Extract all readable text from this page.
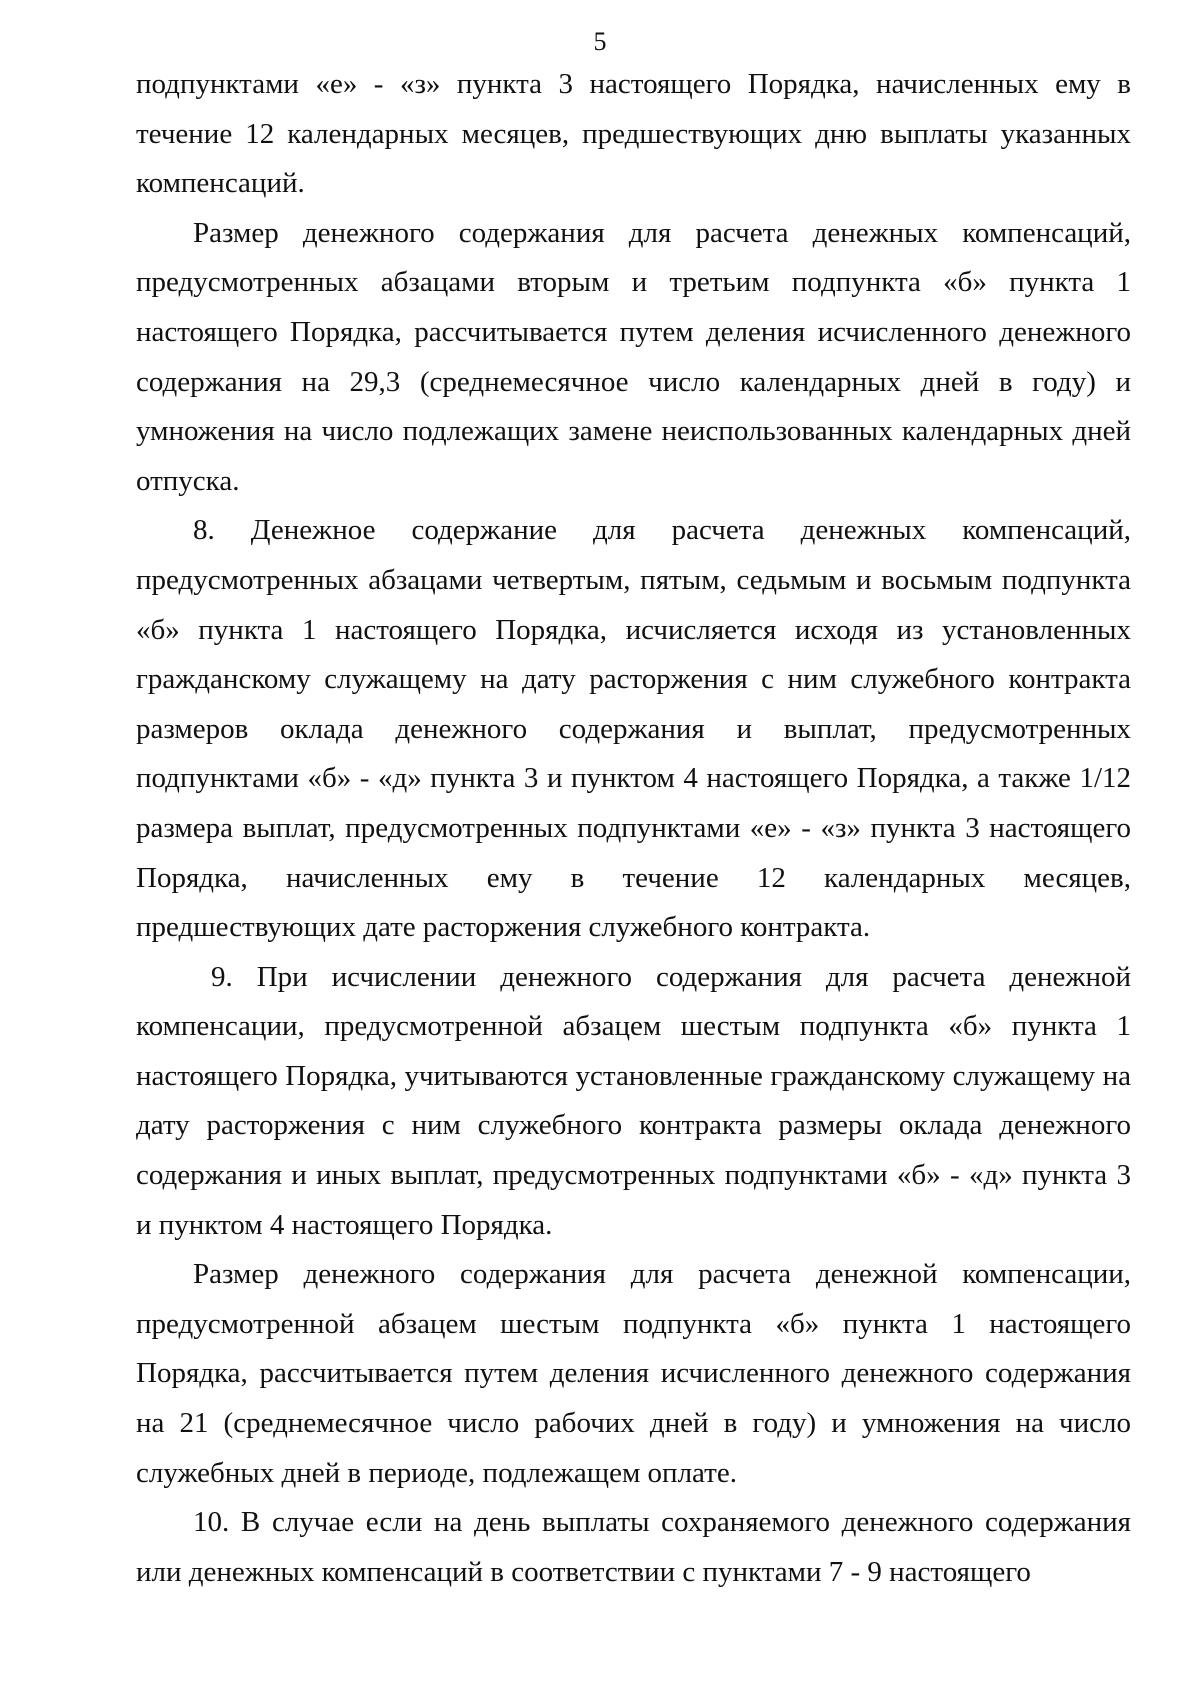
5

подпунктами «е» - «з» пункта 3 настоящего Порядка, начисленных ему в течение 12 календарных месяцев, предшествующих дню выплаты указанных компенсаций.

Размер денежного содержания для расчета денежных компенсаций, предусмотренных абзацами вторым и третьим подпункта «б» пункта 1 настоящего Порядка, рассчитывается путем деления исчисленного денежного содержания на 29,3 (среднемесячное число календарных дней в году) и умножения на число подлежащих замене неиспользованных календарных дней отпуска.

8. Денежное содержание для расчета денежных компенсаций, предусмотренных абзацами четвертым, пятым, седьмым и восьмым подпункта «б» пункта 1 настоящего Порядка, исчисляется исходя из установленных гражданскому служащему на дату расторжения с ним служебного контракта размеров оклада денежного содержания и выплат, предусмотренных подпунктами «б» - «д» пункта 3 и пунктом 4 настоящего Порядка, а также 1/12 размера выплат, предусмотренных подпунктами «е» - «з» пункта 3 настоящего Порядка, начисленных ему в течение 12 календарных месяцев, предшествующих дате расторжения служебного контракта.

9. При исчислении денежного содержания для расчета денежной компенсации, предусмотренной абзацем шестым подпункта «б» пункта 1 настоящего Порядка, учитываются установленные гражданскому служащему на дату расторжения с ним служебного контракта размеры оклада денежного содержания и иных выплат, предусмотренных подпунктами «б» - «д» пункта 3 и пунктом 4 настоящего Порядка.

Размер денежного содержания для расчета денежной компенсации, предусмотренной абзацем шестым подпункта «б» пункта 1 настоящего Порядка, рассчитывается путем деления исчисленного денежного содержания на 21 (среднемесячное число рабочих дней в году) и умножения на число служебных дней в периоде, подлежащем оплате.

10. В случае если на день выплаты сохраняемого денежного содержания или денежных компенсаций в соответствии с пунктами 7 - 9 настоящего
